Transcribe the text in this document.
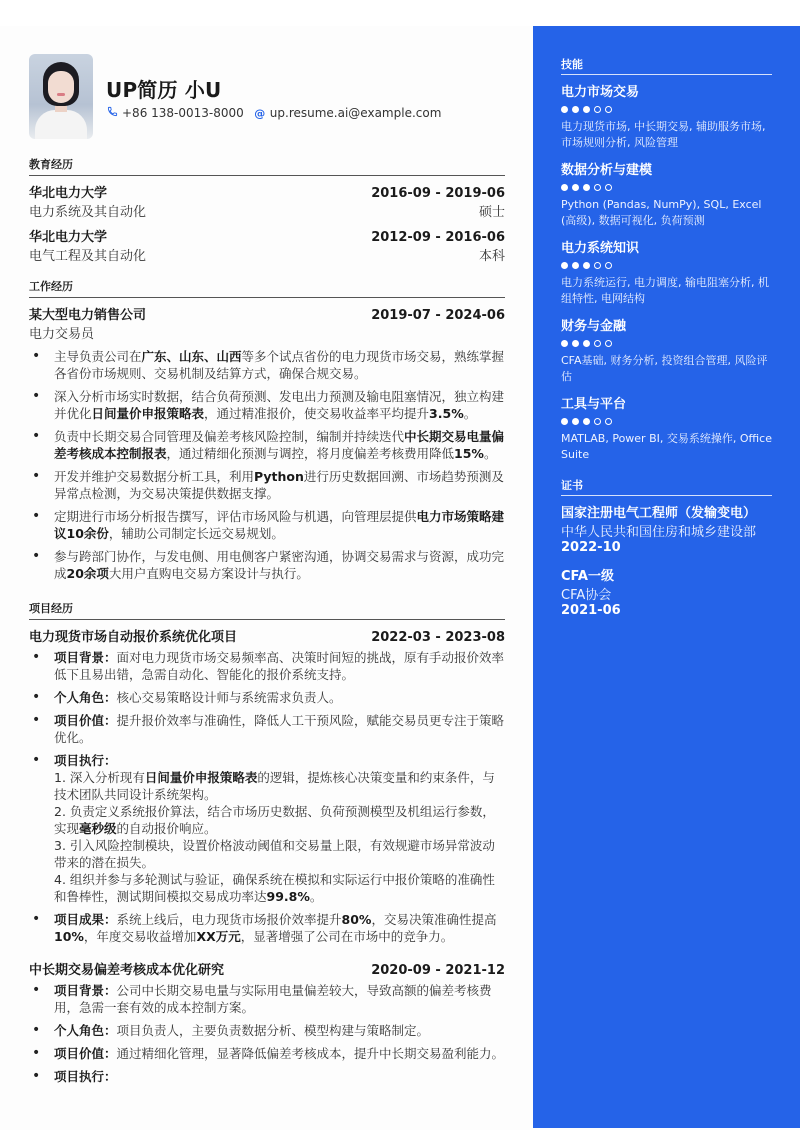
UP简历 小U
+86 138-0013-8000 @ up.resume.ai@example.com
教育经历
华北电力大学	2016-09 - 2019-06
电力系统及其自动化	硕士
华北电力大学	2012-09 - 2016-06
电气工程及其自动化	本科
工作经历
某大型电力销售公司	2019-07 - 2024-06
电力交易员
• 主导负责公司在广东、山东、山西等多个试点省份的电力现货市场交易，熟练掌握各省份市场规则、交易机制及结算方式，确保合规交易。
• 深入分析市场实时数据，结合负荷预测、发电出力预测及输电阻塞情况，独立构建并优化日间量价申报策略表，通过精准报价，使交易收益率平均提升3.5%。
• 负责中长期交易合同管理及偏差考核风险控制，编制并持续迭代中长期交易电量偏差考核成本控制报表，通过精细化预测与调控，将月度偏差考核费用降低15%。
• 开发并维护交易数据分析工具，利用Python进行历史数据回溯、市场趋势预测及异常点检测，为交易决策提供数据支撑。
• 定期进行市场分析报告撰写，评估市场风险与机遇，向管理层提供电力市场策略建议10余份，辅助公司制定长远交易规划。
• 参与跨部门协作，与发电侧、用电侧客户紧密沟通，协调交易需求与资源，成功完成20余项大用户直购电交易方案设计与执行。
项目经历
电力现货市场自动报价系统优化项目	2022-03 - 2023-08
• 项目背景：面对电力现货市场交易频率高、决策时间短的挑战，原有手动报价效率低下且易出错，急需自动化、智能化的报价系统支持。
• 个人角色：核心交易策略设计师与系统需求负责人。
• 项目价值：提升报价效率与准确性，降低人工干预风险，赋能交易员更专注于策略优化。
• 项目执行：
1. 深入分析现有日间量价申报策略表的逻辑，提炼核心决策变量和约束条件，与技术团队共同设计系统架构。
2. 负责定义系统报价算法，结合市场历史数据、负荷预测模型及机组运行参数，实现毫秒级的自动报价响应。
3. 引入风险控制模块，设置价格波动阈值和交易量上限，有效规避市场异常波动带来的潜在损失。
4. 组织并参与多轮测试与验证，确保系统在模拟和实际运行中报价策略的准确性和鲁棒性，测试期间模拟交易成功率达99.8%。
• 项目成果：系统上线后，电力现货市场报价效率提升80%，交易决策准确性提高10%，年度交易收益增加XX万元，显著增强了公司在市场中的竞争力。
中长期交易偏差考核成本优化研究	2020-09 - 2021-12
• 项目背景：公司中长期交易电量与实际用电量偏差较大，导致高额的偏差考核费用，急需一套有效的成本控制方案。
• 个人角色：项目负责人，主要负责数据分析、模型构建与策略制定。
• 项目价值：通过精细化管理，显著降低偏差考核成本，提升中长期交易盈利能力。
• 项目执行：
技能
电力市场交易
电力现货市场, 中长期交易, 辅助服务市场, 市场规则分析, 风险管理
数据分析与建模
Python (Pandas, NumPy), SQL, Excel (高级), 数据可视化, 负荷预测
电力系统知识
电力系统运行, 电力调度, 输电阻塞分析, 机组特性, 电网结构
财务与金融
CFA基础, 财务分析, 投资组合管理, 风险评估
工具与平台
MATLAB, Power BI, 交易系统操作, Office Suite
证书
国家注册电气工程师（发输变电）
中华人民共和国住房和城乡建设部
2022-10
CFA一级
CFA协会
2021-06
